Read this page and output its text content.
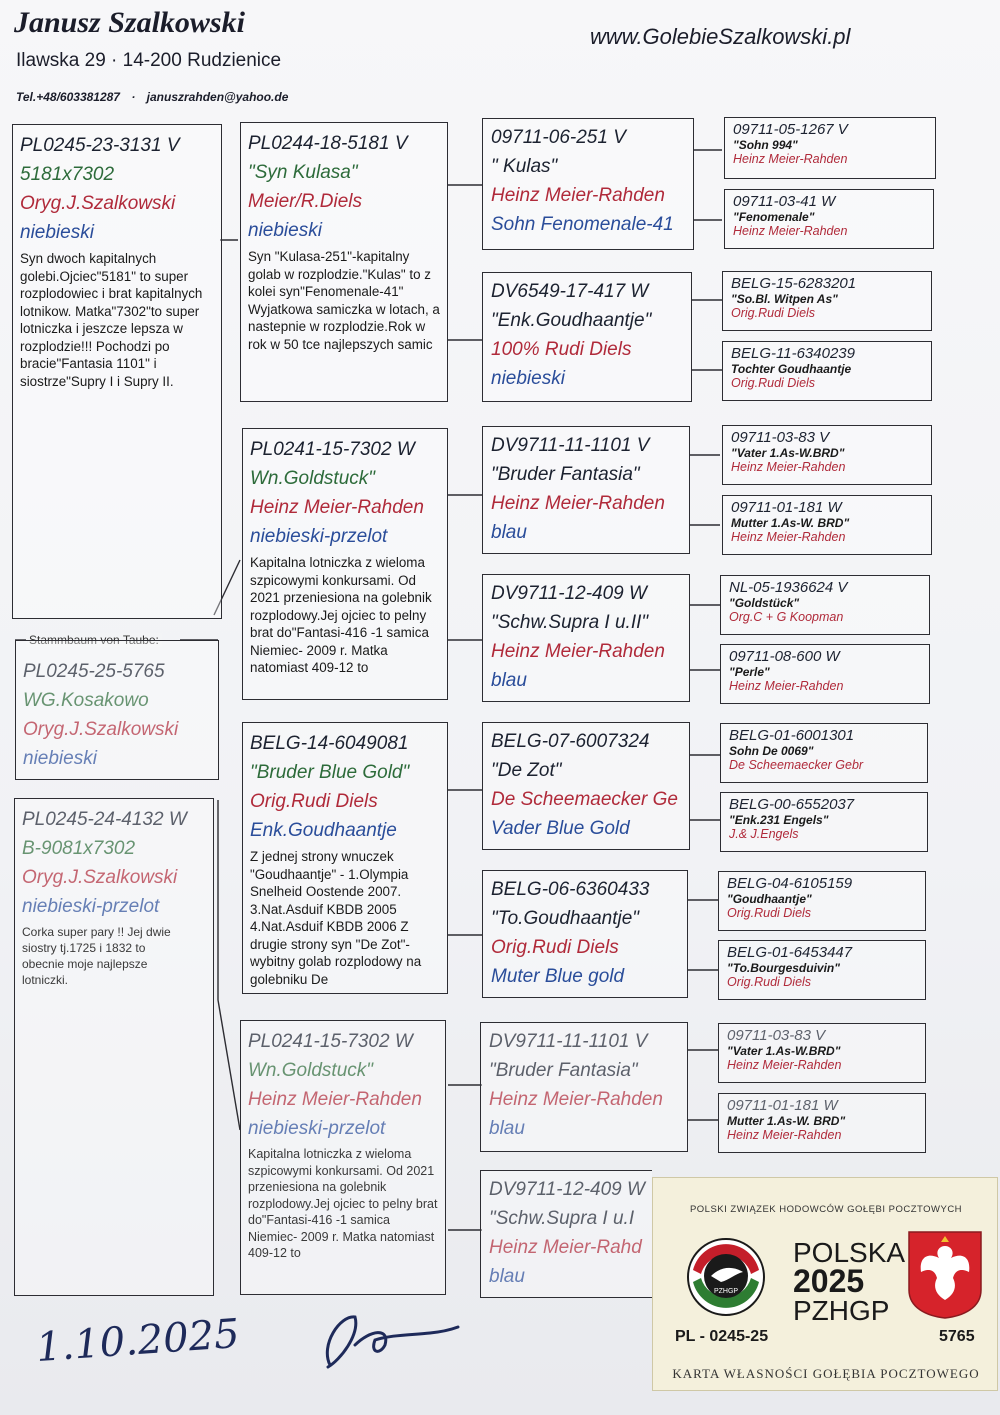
Janusz Szalkowski
Ilawska 29 · 14-200 Rudzienice
www.GolebieSzalkowski.pl
Tel.+48/603381287 · januszrahden@yahoo.de
PL0245-23-3131 V
5181x7302
Oryg.J.Szalkowski
niebieski
Syn dwoch kapitalnych golebi.Ojciec"5181" to super rozplodowiec i brat kapitalnych lotnikow. Matka"7302"to super lotniczka i jeszcze lepsza w rozplodzie!!! Pochodzi po bracie"Fantasia 1101" i siostrze"Supry I i Supry II.
Stammbaum von Taube:
PL0245-25-5765
WG.Kosakowo
Oryg.J.Szalkowski
niebieski
PL0245-24-4132 W
B-9081x7302
Oryg.J.Szalkowski
niebieski-przelot
Corka super pary !! Jej dwie siostry tj.1725 i 1832 to obecnie moje najlepsze lotniczki.
PL0244-18-5181 V
"Syn Kulasa"
Meier/R.Diels
niebieski
Syn "Kulasa-251"-kapitalny golab w rozplodzie."Kulas" to z kolei syn"Fenomenale-41" Wyjatkowa samiczka w lotach, a nastepnie w rozplodzie.Rok w rok w 50 tce najlepszych samic
PL0241-15-7302 W
Wn.Goldstuck"
Heinz Meier-Rahden
niebieski-przelot
Kapitalna lotniczka z wieloma szpicowymi konkursami. Od 2021 przeniesiona na golebnik rozplodowy.Jej ojciec to pelny brat do"Fantasi-416 -1 samica Niemiec- 2009 r. Matka natomiast 409-12 to
BELG-14-6049081
"Bruder Blue Gold"
Orig.Rudi Diels
Enk.Goudhaantje
Z jednej strony wnuczek "Goudhaantje" - 1.Olympia Snelheid Oostende 2007. 3.Nat.Asduif KBDB 2005 4.Nat.Asduif KBDB 2006 Z drugie strony syn "De Zot"- wybitny golab rozplodowy na golebniku De
PL0241-15-7302 W
Wn.Goldstuck"
Heinz Meier-Rahden
niebieski-przelot
Kapitalna lotniczka z wieloma szpicowymi konkursami. Od 2021 przeniesiona na golebnik rozplodowy.Jej ojciec to pelny brat do"Fantasi-416 -1 samica Niemiec- 2009 r. Matka natomiast 409-12 to
09711-06-251 V
" Kulas"
Heinz Meier-Rahden
Sohn Fenomenale-41
DV6549-17-417 W
"Enk.Goudhaantje"
100% Rudi Diels
niebieski
DV9711-11-1101 V
"Bruder Fantasia"
Heinz Meier-Rahden
blau
DV9711-12-409 W
"Schw.Supra I u.II"
Heinz Meier-Rahden
blau
BELG-07-6007324
"De Zot"
De Scheemaecker Ge
Vader Blue Gold
BELG-06-6360433
"To.Goudhaantje"
Orig.Rudi Diels
Muter Blue gold
DV9711-11-1101 V
"Bruder Fantasia"
Heinz Meier-Rahden
blau
DV9711-12-409 W
"Schw.Supra I u.I
Heinz Meier-Rahd
blau
09711-05-1267 V
"Sohn 994"
Heinz Meier-Rahden
09711-03-41 W
"Fenomenale"
Heinz Meier-Rahden
BELG-15-6283201
"So.Bl. Witpen As"
Orig.Rudi Diels
BELG-11-6340239
Tochter Goudhaantje
Orig.Rudi Diels
09711-03-83 V
"Vater 1.As-W.BRD"
Heinz Meier-Rahden
09711-01-181 W
Mutter 1.As-W. BRD"
Heinz Meier-Rahden
NL-05-1936624 V
"Goldstück"
Org.C + G Koopman
09711-08-600 W
"Perle"
Heinz Meier-Rahden
BELG-01-6001301
Sohn De 0069"
De Scheemaecker Gebr
BELG-00-6552037
"Enk.231 Engels"
J.& J.Engels
BELG-04-6105159
"Goudhaantje"
Orig.Rudi Diels
BELG-01-6453447
"To.Bourgesduivin"
Orig.Rudi Diels
09711-03-83 V
"Vater 1.As-W.BRD"
Heinz Meier-Rahden
09711-01-181 W
Mutter 1.As-W. BRD"
Heinz Meier-Rahden
1.10.2025
POLSKI ZWIĄZEK HODOWCÓW GOŁĘBI POCZTOWYCH
PZHGP
POLSKA
2025
PZHGP
PL - 0245-25	5765
KARTA WŁASNOŚCI GOŁĘBIA POCZTOWEGO
